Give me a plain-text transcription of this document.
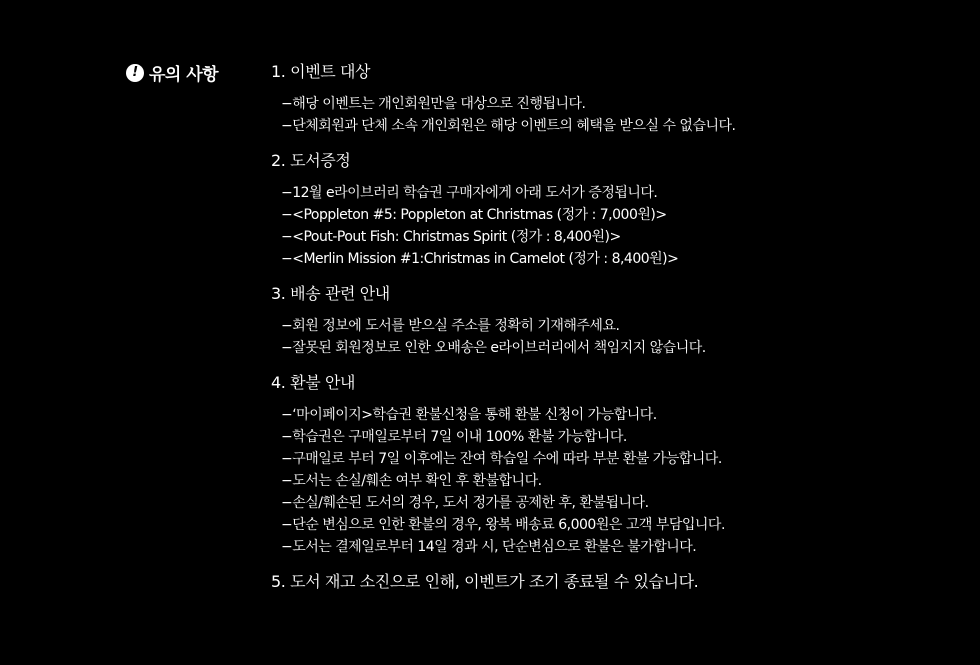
! 유의 사항	1. 이벤트 대상
−해당 이벤트는 개인회원만을 대상으로 진행됩니다.
−단체회원과 단체 소속 개인회원은 해당 이벤트의 혜택을 받으실 수 없습니다.
2. 도서증정
−12월 e라이브러리 학습권 구매자에게 아래 도서가 증정됩니다.
−<Poppleton #5: Poppleton at Christmas (정가 : 7,000원)>
−<Pout-Pout Fish: Christmas Spirit (정가 : 8,400원)>
−<Merlin Mission #1:Christmas in Camelot (정가 : 8,400원)>
3. 배송 관련 안내
−회원 정보에 도서를 받으실 주소를 정확히 기재해주세요.
−잘못된 회원정보로 인한 오배송은 e라이브러리에서 책임지지 않습니다.
4. 환불 안내
−‘마이페이지>학습권 환불신청을 통해 환불 신청이 가능합니다.
−학습권은 구매일로부터 7일 이내 100% 환불 가능합니다.
−구매일로 부터 7일 이후에는 잔여 학습일 수에 따라 부분 환불 가능합니다.
−도서는 손실/훼손 여부 확인 후 환불합니다.
−손실/훼손된 도서의 경우, 도서 정가를 공제한 후, 환불됩니다.
−단순 변심으로 인한 환불의 경우, 왕복 배송료 6,000원은 고객 부담입니다.
−도서는 결제일로부터 14일 경과 시, 단순변심으로 환불은 불가합니다.
5. 도서 재고 소진으로 인해, 이벤트가 조기 종료될 수 있습니다.
